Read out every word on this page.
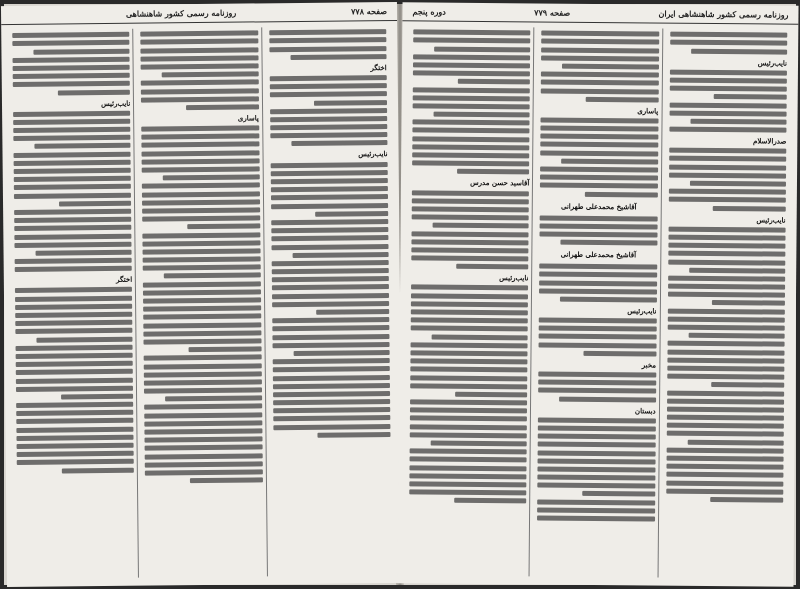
روزنامه رسمی کشور شاهنشاهی ایران
صفحه ۷۷۹
دوره پنجم
نایب‌رئیس
صدرالاسلام
نایب‌رئیس
پاساری
آقاشیخ محمدعلی طهرانی
آقاشیخ محمدعلی طهرانی
نایب‌رئیس
مخبر
دبستان
آقاسید حسن مدرس
نایب‌رئیس
صفحه ۷۷۸
روزنامه رسمی کشور شاهنشاهی
اختگر
نایب‌رئیس
پاساری
نایب‌رئیس
اختگر
